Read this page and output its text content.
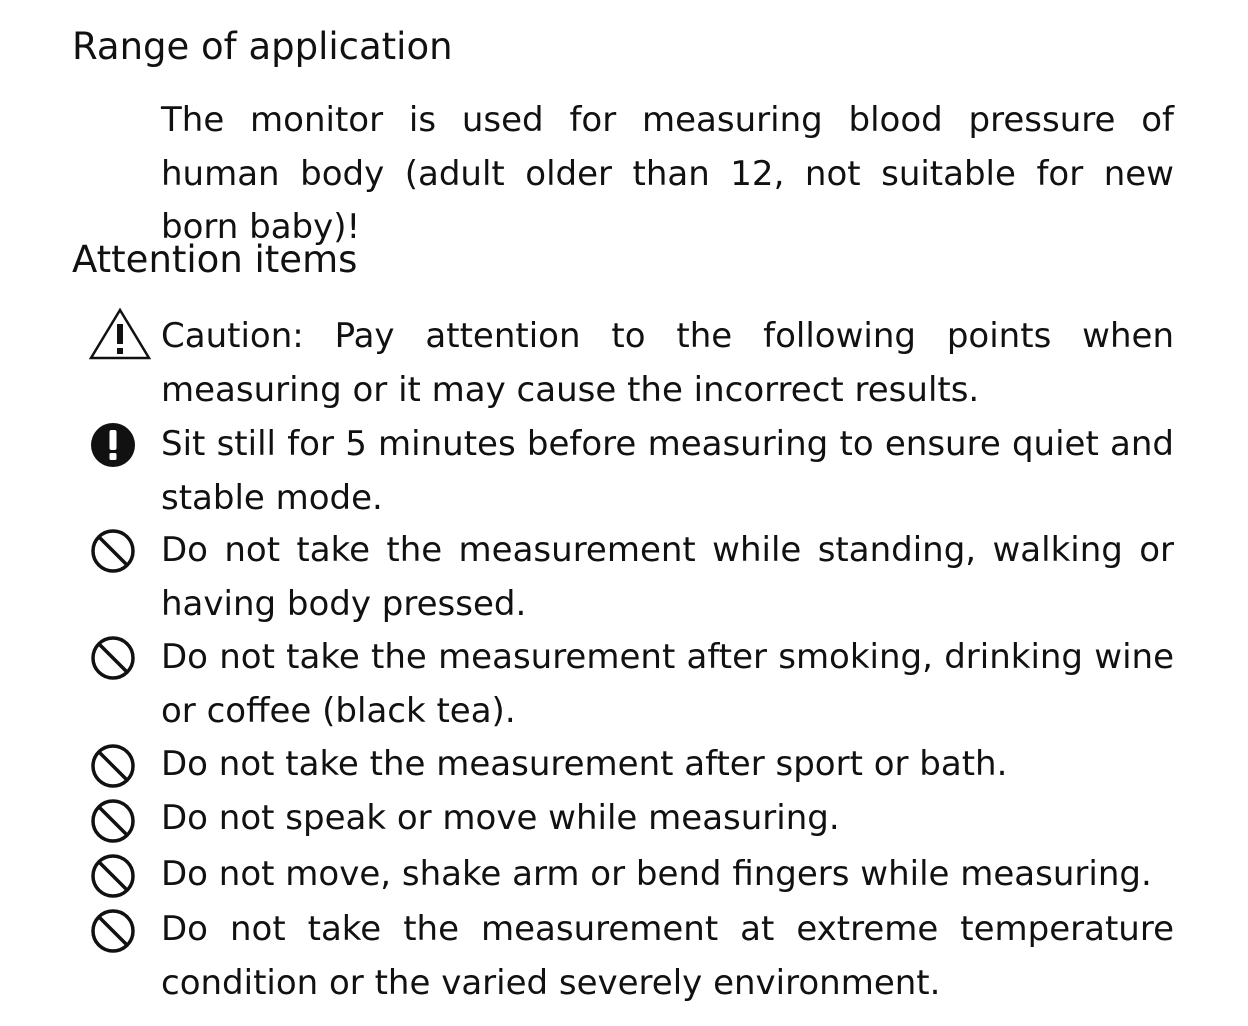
Range of application

The monitor is used for measuring blood pressure of human body (adult older than 12, not suitable for new born baby)!

Attention items

Caution: Pay attention to the following points when measuring or it may cause the incorrect results.

Sit still for 5 minutes before measuring to ensure quiet and stable mode.

Do not take the measurement while standing, walking or having body pressed.

Do not take the measurement after smoking, drinking wine or coffee (black tea).

Do not take the measurement after sport or bath.

Do not speak or move while measuring.

Do not move, shake arm or bend fingers while measuring.

Do not take the measurement at extreme temperature condition or the varied severely environment.
